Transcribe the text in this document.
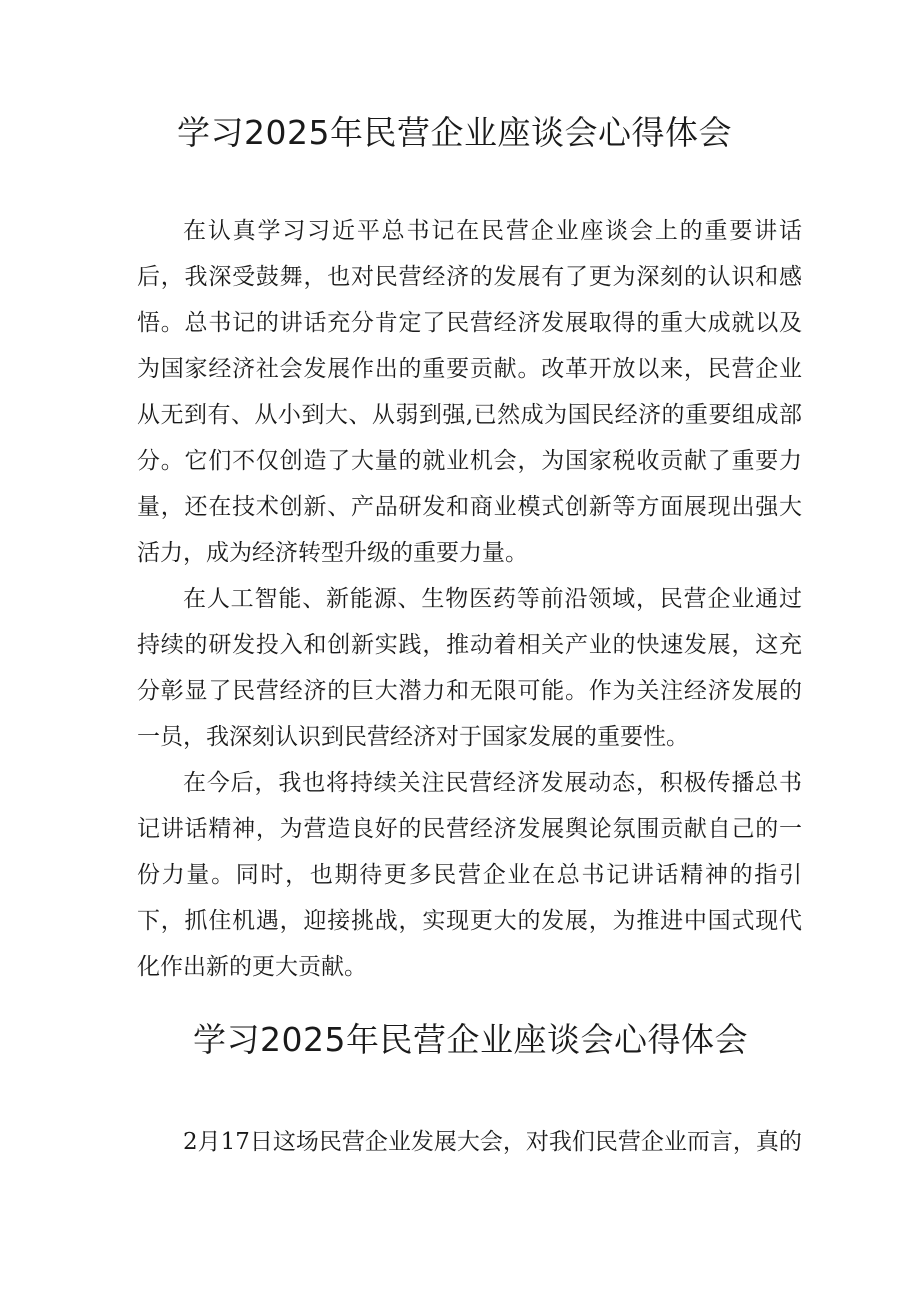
学习2025年民营企业座谈会心得体会

在认真学习习近平总书记在民营企业座谈会上的重要讲话后，我深受鼓舞，也对民营经济的发展有了更为深刻的认识和感悟。总书记的讲话充分肯定了民营经济发展取得的重大成就以及为国家经济社会发展作出的重要贡献。改革开放以来，民营企业从无到有、从小到大、从弱到强,已然成为国民经济的重要组成部分。它们不仅创造了大量的就业机会，为国家税收贡献了重要力量，还在技术创新、产品研发和商业模式创新等方面展现出强大活力，成为经济转型升级的重要力量。

在人工智能、新能源、生物医药等前沿领域，民营企业通过持续的研发投入和创新实践，推动着相关产业的快速发展，这充分彰显了民营经济的巨大潜力和无限可能。作为关注经济发展的一员，我深刻认识到民营经济对于国家发展的重要性。

在今后，我也将持续关注民营经济发展动态，积极传播总书记讲话精神，为营造良好的民营经济发展舆论氛围贡献自己的一份力量。同时，也期待更多民营企业在总书记讲话精神的指引下，抓住机遇，迎接挑战，实现更大的发展，为推进中国式现代化作出新的更大贡献。

学习2025年民营企业座谈会心得体会

2月17日这场民营企业发展大会，对我们民营企业而言，真的
